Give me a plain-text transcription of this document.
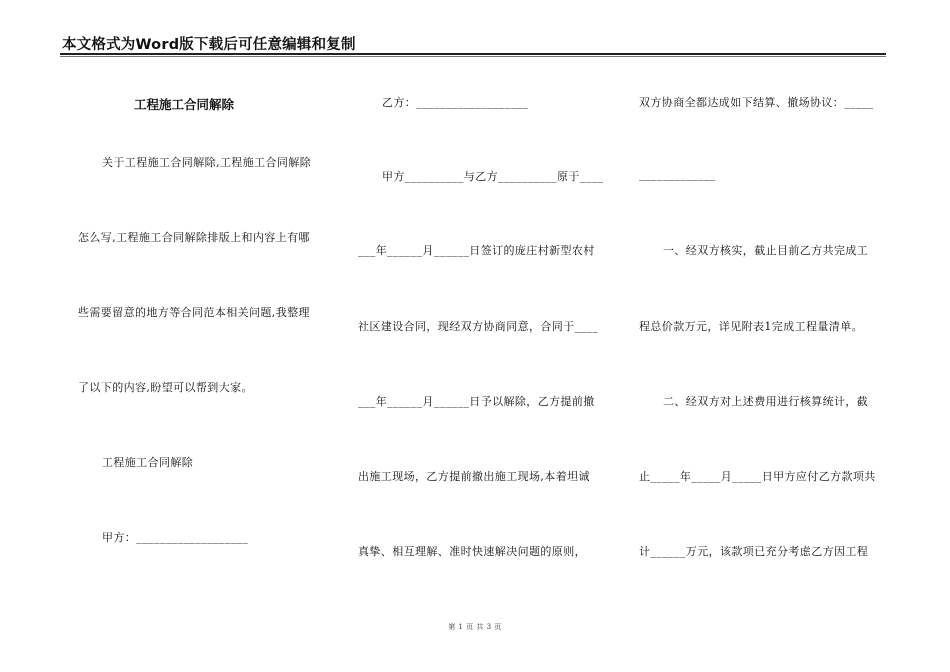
本文格式为Word版下载后可任意编辑和复制
工程施工合同解除
关于工程施工合同解除,工程施工合同解除
怎么写,工程施工合同解除排版上和内容上有哪
些需要留意的地方等合同范本相关问题,我整理
了以下的内容,盼望可以帮到大家。
工程施工合同解除
甲方：___________________
乙方：___________________
甲方__________与乙方__________原于____
___年______月______日签订的庞庄村新型农村
社区建设合同，现经双方协商同意，合同于____
___年______月______日予以解除，乙方提前撤
出施工现场，乙方提前撤出施工现场,本着坦诚
真挚、相互理解、准时快速解决问题的原则，
双方协商全都达成如下结算、撤场协议：_____
_____________
一、经双方核实，截止目前乙方共完成工
程总价款万元，详见附表1完成工程量清单。
二、经双方对上述费用进行核算统计，截
止_____年_____月_____日甲方应付乙方款项共
计______万元，该款项已充分考虑乙方因工程
第 1 页 共 3 页
